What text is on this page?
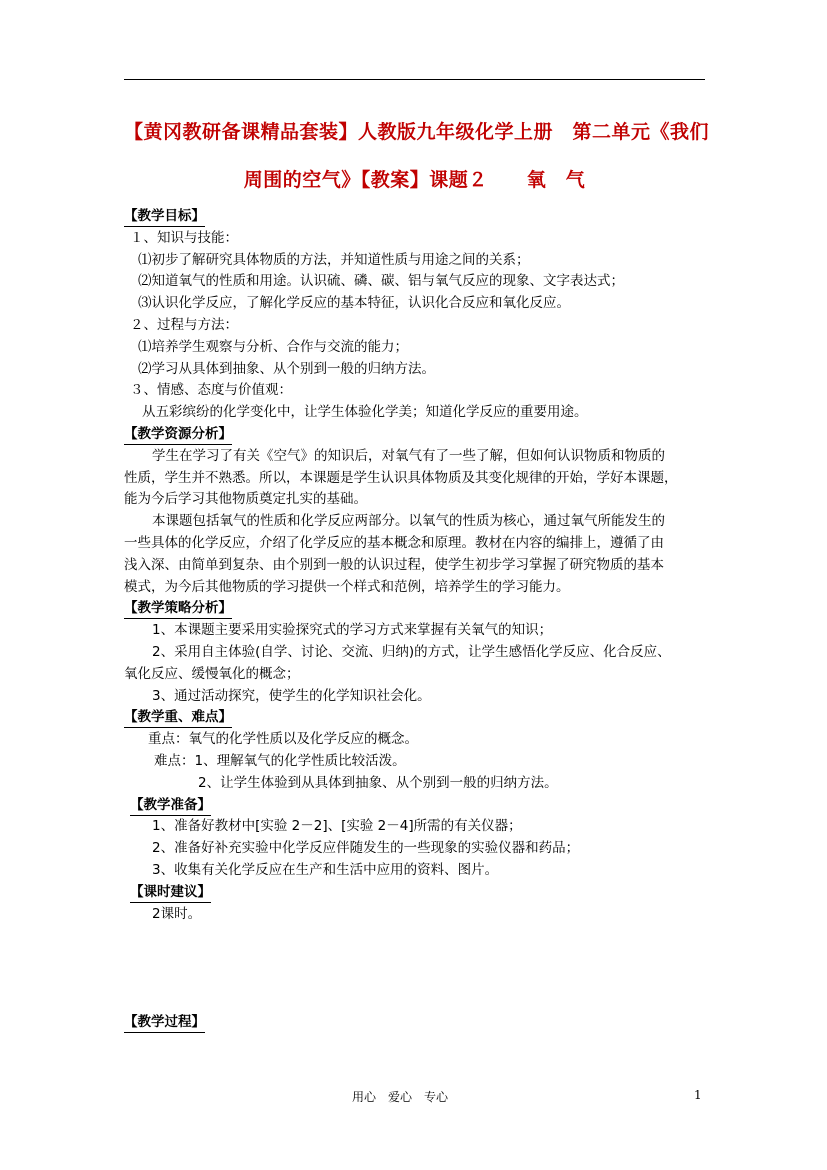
【黄冈教研备课精品套装】人教版九年级化学上册　第二单元《我们
周围的空气》【教案】课题２　　氧　气
【教学目标】
１、知识与技能：
⑴初步了解研究具体物质的方法，并知道性质与用途之间的关系；
⑵知道氧气的性质和用途。认识硫、磷、碳、铝与氧气反应的现象、文字表达式；
⑶认识化学反应，了解化学反应的基本特征，认识化合反应和氧化反应。
２、过程与方法：
⑴培养学生观察与分析、合作与交流的能力；
⑵学习从具体到抽象、从个别到一般的归纳方法。
３、情感、态度与价值观：
从五彩缤纷的化学变化中，让学生体验化学美；知道化学反应的重要用途。
【教学资源分析】
学生在学习了有关《空气》的知识后，对氧气有了一些了解，但如何认识物质和物质的
性质，学生并不熟悉。所以，本课题是学生认识具体物质及其变化规律的开始，学好本课题，
能为今后学习其他物质奠定扎实的基础。
本课题包括氧气的性质和化学反应两部分。以氧气的性质为核心，通过氧气所能发生的
一些具体的化学反应，介绍了化学反应的基本概念和原理。教材在内容的编排上，遵循了由
浅入深、由简单到复杂、由个别到一般的认识过程，使学生初步学习掌握了研究物质的基本
模式，为今后其他物质的学习提供一个样式和范例，培养学生的学习能力。
【教学策略分析】
1、本课题主要采用实验探究式的学习方式来掌握有关氧气的知识；
2、采用自主体验(自学、讨论、交流、归纳)的方式，让学生感悟化学反应、化合反应、
氧化反应、缓慢氧化的概念；
3、通过活动探究，使学生的化学知识社会化。
【教学重、难点】
重点：氧气的化学性质以及化学反应的概念。
难点：1、理解氧气的化学性质比较活泼。
2、让学生体验到从具体到抽象、从个别到一般的归纳方法。
【教学准备】
1、准备好教材中[实验 2－2]、[实验 2－4]所需的有关仪器；
2、准备好补充实验中化学反应伴随发生的一些现象的实验仪器和药品；
3、收集有关化学反应在生产和生活中应用的资料、图片。
【课时建议】
2课时。
【教学过程】
用心　爱心　专心	1
